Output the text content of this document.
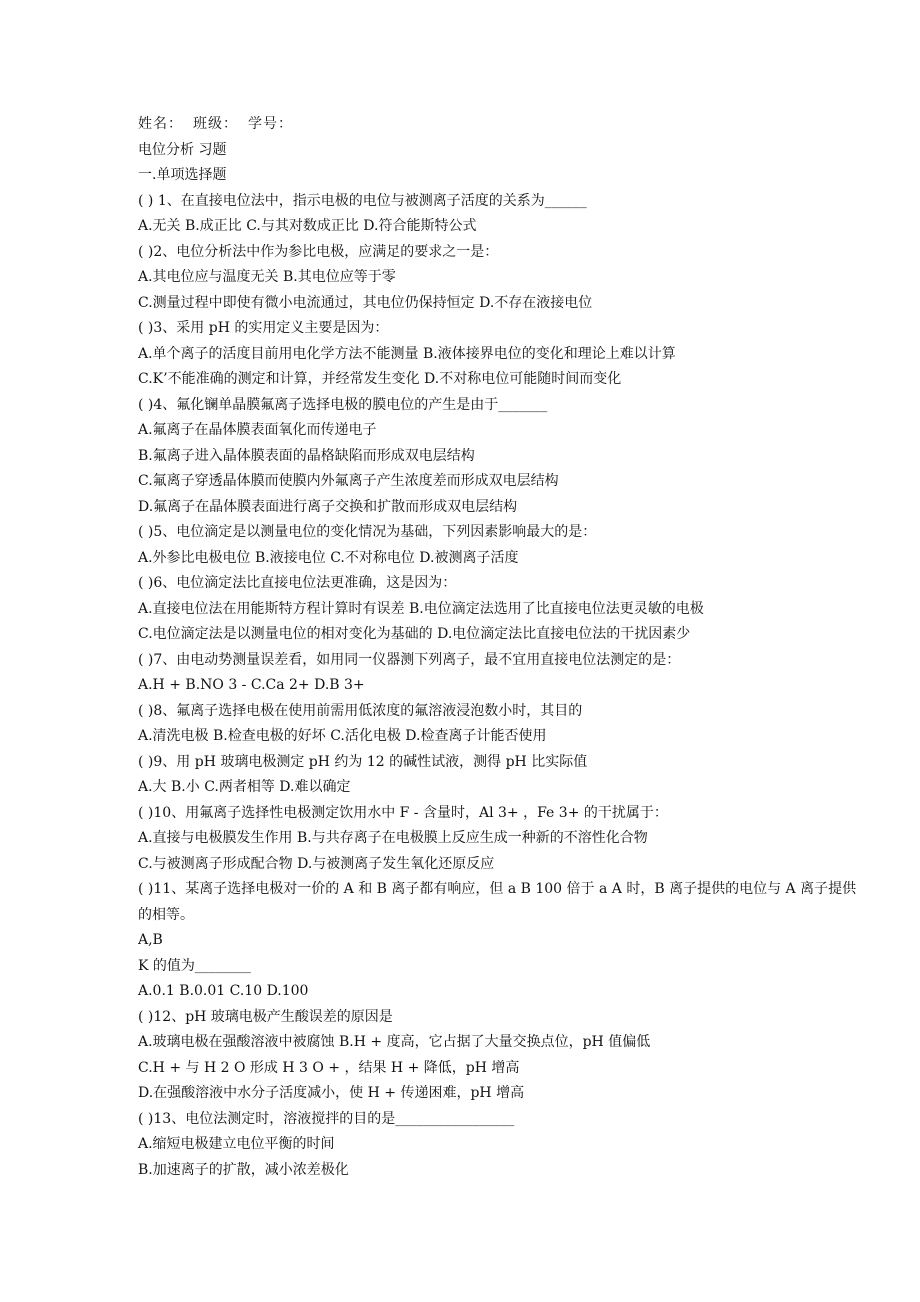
姓名： 班级： 学号：
电位分析 习题
一.单项选择题
( ) 1、在直接电位法中，指示电极的电位与被测离子活度的关系为______
A.无关 B.成正比 C.与其对数成正比 D.符合能斯特公式
( )2、电位分析法中作为参比电极，应满足的要求之一是：
A.其电位应与温度无关 B.其电位应等于零
C.测量过程中即使有微小电流通过，其电位仍保持恒定 D.不存在液接电位
( )3、采用 pH 的实用定义主要是因为：
A.单个离子的活度目前用电化学方法不能测量 B.液体接界电位的变化和理论上难以计算
C.K’不能准确的测定和计算，并经常发生变化 D.不对称电位可能随时间而变化
( )4、氟化镧单晶膜氟离子选择电极的膜电位的产生是由于_______
A.氟离子在晶体膜表面氧化而传递电子
B.氟离子进入晶体膜表面的晶格缺陷而形成双电层结构
C.氟离子穿透晶体膜而使膜内外氟离子产生浓度差而形成双电层结构
D.氟离子在晶体膜表面进行离子交换和扩散而形成双电层结构
( )5、电位滴定是以测量电位的变化情况为基础，下列因素影响最大的是：
A.外参比电极电位 B.液接电位 C.不对称电位 D.被测离子活度
( )6、电位滴定法比直接电位法更准确，这是因为：
A.直接电位法在用能斯特方程计算时有误差 B.电位滴定法选用了比直接电位法更灵敏的电极
C.电位滴定法是以测量电位的相对变化为基础的 D.电位滴定法比直接电位法的干扰因素少
( )7、由电动势测量误差看，如用同一仪器测下列离子，最不宜用直接电位法测定的是：
A.H + B.NO 3 - C.Ca 2+ D.B 3+
( )8、氟离子选择电极在使用前需用低浓度的氟溶液浸泡数小时，其目的
A.清洗电极 B.检查电极的好坏 C.活化电极 D.检查离子计能否使用
( )9、用 pH 玻璃电极测定 pH 约为 12 的碱性试液，测得 pH 比实际值
A.大 B.小 C.两者相等 D.难以确定
( )10、用氟离子选择性电极测定饮用水中 F - 含量时，Al 3+ ，Fe 3+ 的干扰属于：
A.直接与电极膜发生作用 B.与共存离子在电极膜上反应生成一种新的不溶性化合物
C.与被测离子形成配合物 D.与被测离子发生氧化还原反应
( )11、某离子选择电极对一价的 A 和 B 离子都有响应，但 a B 100 倍于 a A 时，B 离子提供的电位与 A 离子提供的相等。
A,B
K 的值为________
A.0.1 B.0.01 C.10 D.100
( )12、pH 玻璃电极产生酸误差的原因是
A.玻璃电极在强酸溶液中被腐蚀 B.H + 度高，它占据了大量交换点位，pH 值偏低
C.H + 与 H 2 O 形成 H 3 O + ，结果 H + 降低，pH 增高
D.在强酸溶液中水分子活度减小，使 H + 传递困难，pH 增高
( )13、电位法测定时，溶液搅拌的目的是_________________
A.缩短电极建立电位平衡的时间
B.加速离子的扩散，减小浓差极化
